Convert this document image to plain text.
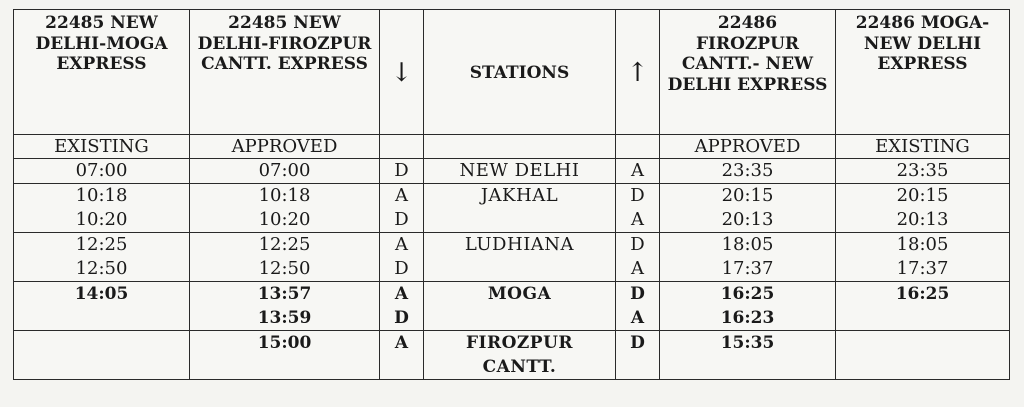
22485 NEW DELHI-MOGA EXPRESS	22485 NEW DELHI-FIROZPUR CANTT. EXPRESS	↓	STATIONS	↑	22486 FIROZPUR CANTT.- NEW DELHI EXPRESS	22486 MOGA-NEW DELHI EXPRESS
EXISTING	APPROVED				APPROVED	EXISTING
07:00	07:00	D	NEW DELHI	A	23:35	23:35
10:18	10:18	A	JAKHAL	D	20:15	20:15
10:20	10:20	D		A	20:13	20:13
12:25	12:25	A	LUDHIANA	D	18:05	18:05
12:50	12:50	D		A	17:37	17:37
14:05	13:57	A	MOGA	D	16:25	16:25
	13:59	D		A	16:23	
	15:00	A	FIROZPUR	D	15:35	
			CANTT.			
